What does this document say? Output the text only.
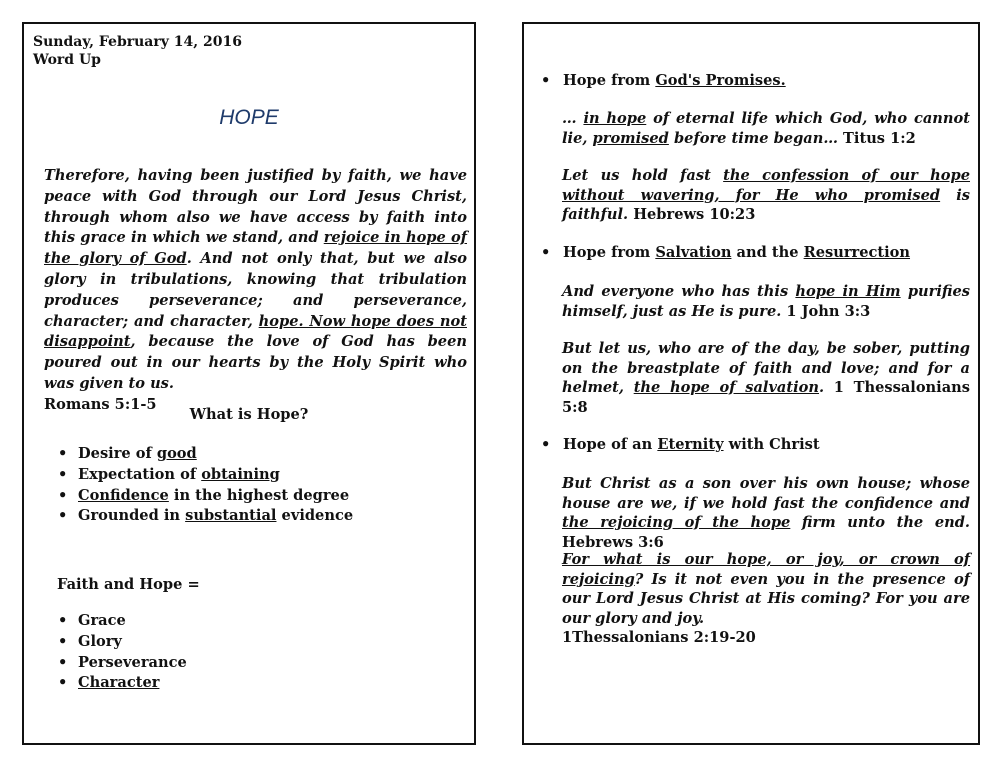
Sunday, February 14, 2016
Word Up
HOPE
Therefore, having been justified by faith, we have peace with God through our Lord Jesus Christ, through whom also we have access by faith into this grace in which we stand, and rejoice in hope of the glory of God. And not only that, but we also glory in tribulations, knowing that tribulation produces perseverance; and perseverance, character; and character, hope. Now hope does not disappoint, because the love of God has been poured out in our hearts by the Holy Spirit who was given to us.
Romans 5:1-5
What is Hope?
• Desire of good
• Expectation of obtaining
• Confidence in the highest degree
• Grounded in substantial evidence
Faith and Hope =
• Grace
• Glory
• Perseverance
• Character
• Hope from God's Promises.
… in hope of eternal life which God, who cannot lie, promised before time began… Titus 1:2
Let us hold fast the confession of our hope without wavering, for He who promised is faithful. Hebrews 10:23
• Hope from Salvation and the Resurrection
And everyone who has this hope in Him purifies himself, just as He is pure. 1 John 3:3
But let us, who are of the day, be sober, putting on the breastplate of faith and love; and for a helmet, the hope of salvation. 1 Thessalonians 5:8
• Hope of an Eternity with Christ
But Christ as a son over his own house; whose house are we, if we hold fast the confidence and the rejoicing of the hope firm unto the end. Hebrews 3:6
For what is our hope, or joy, or crown of rejoicing? Is it not even you in the presence of our Lord Jesus Christ at His coming? For you are our glory and joy.
1Thessalonians 2:19-20
